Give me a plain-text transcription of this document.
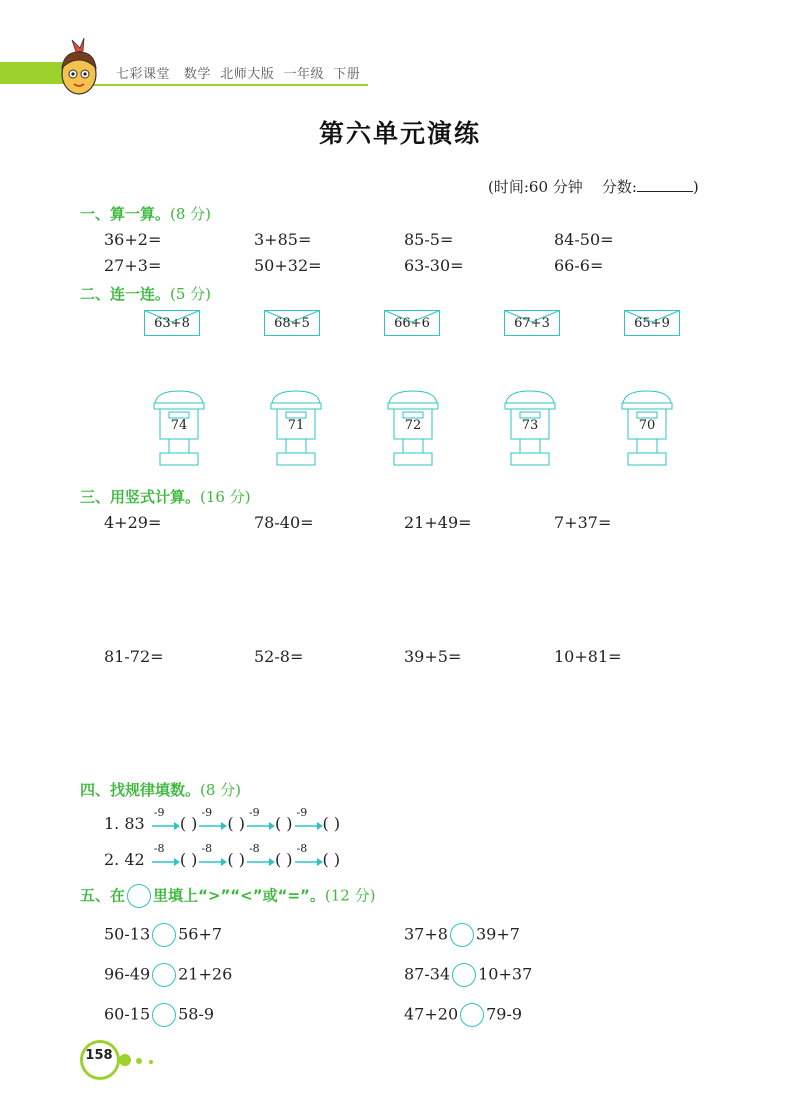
七彩课堂 数学 北师大版 一年级 下册
第六单元演练
(时间:60 分钟 分数:	)
一、算一算。(8 分)
36+2=	3+85=	85-5=	84-50=
27+3=	50+32=	63-30=	66-6=
二、连一连。(5 分)
63+8	68+5	66+6	67+3	65+9
74	71	72	73	70
三、用竖式计算。(16 分)
4+29=	78-40=	21+49=	7+37=
81-72=	52-8=	39+5=	10+81=
四、找规律填数。(8 分)
1. 83
-9
( )
-9
( )
-9
( )
-9
( )
2. 42
-8
( )
-8
( )
-8
( )
-8
( )
五、在 里填上“>”“<”或“=”。(12 分)
50-13 56+7	37+8 39+7
96-49 21+26	87-34 10+37
60-15 58-9	47+20 79-9
158
